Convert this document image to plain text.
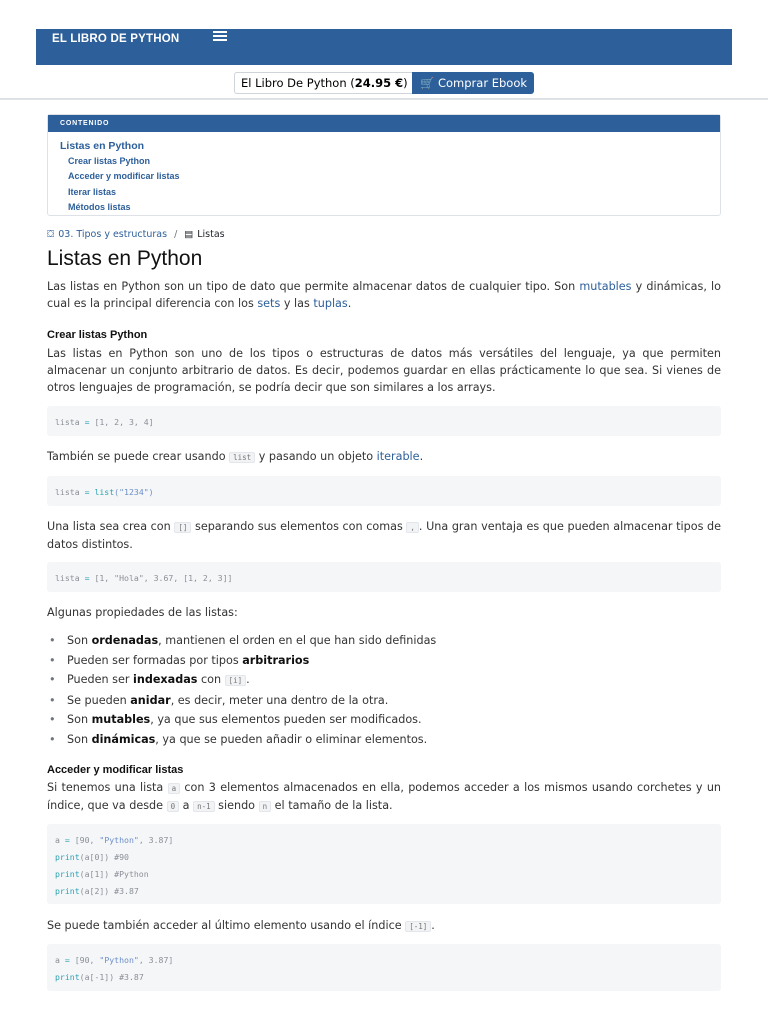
EL LIBRO DE PYTHON
El Libro De Python (24.95 €)	🛒 Comprar Ebook
CONTENIDO
Listas en Python
Crear listas Python
Acceder y modificar listas
Iterar listas
Métodos listas
⛋ 03. Tipos y estructuras / ▤ Listas
Listas en Python
Las listas en Python son un tipo de dato que permite almacenar datos de cualquier tipo. Son mutables y dinámicas, lo cual es la principal diferencia con los sets y las tuplas.
Crear listas Python
Las listas en Python son uno de los tipos o estructuras de datos más versátiles del lenguaje, ya que permiten almacenar un conjunto arbitrario de datos. Es decir, podemos guardar en ellas prácticamente lo que sea. Si vienes de otros lenguajes de programación, se podría decir que son similares a los arrays.
lista = [1, 2, 3, 4]
También se puede crear usando list y pasando un objeto iterable.
lista = list("1234")
Una lista sea crea con [] separando sus elementos con comas , . Una gran ventaja es que pueden almacenar tipos de datos distintos.
lista = [1, "Hola", 3.67, [1, 2, 3]]
Algunas propiedades de las listas:
• Son ordenadas, mantienen el orden en el que han sido definidas
• Pueden ser formadas por tipos arbitrarios
• Pueden ser indexadas con [i] .
• Se pueden anidar, es decir, meter una dentro de la otra.
• Son mutables, ya que sus elementos pueden ser modificados.
• Son dinámicas, ya que se pueden añadir o eliminar elementos.
Acceder y modificar listas
Si tenemos una lista a con 3 elementos almacenados en ella, podemos acceder a los mismos usando corchetes y un índice, que va desde 0 a n-1 siendo n el tamaño de la lista.
a = [90, "Python", 3.87]
print(a[0]) #90
print(a[1]) #Python
print(a[2]) #3.87
Se puede también acceder al último elemento usando el índice [-1] .
a = [90, "Python", 3.87]
print(a[-1]) #3.87
